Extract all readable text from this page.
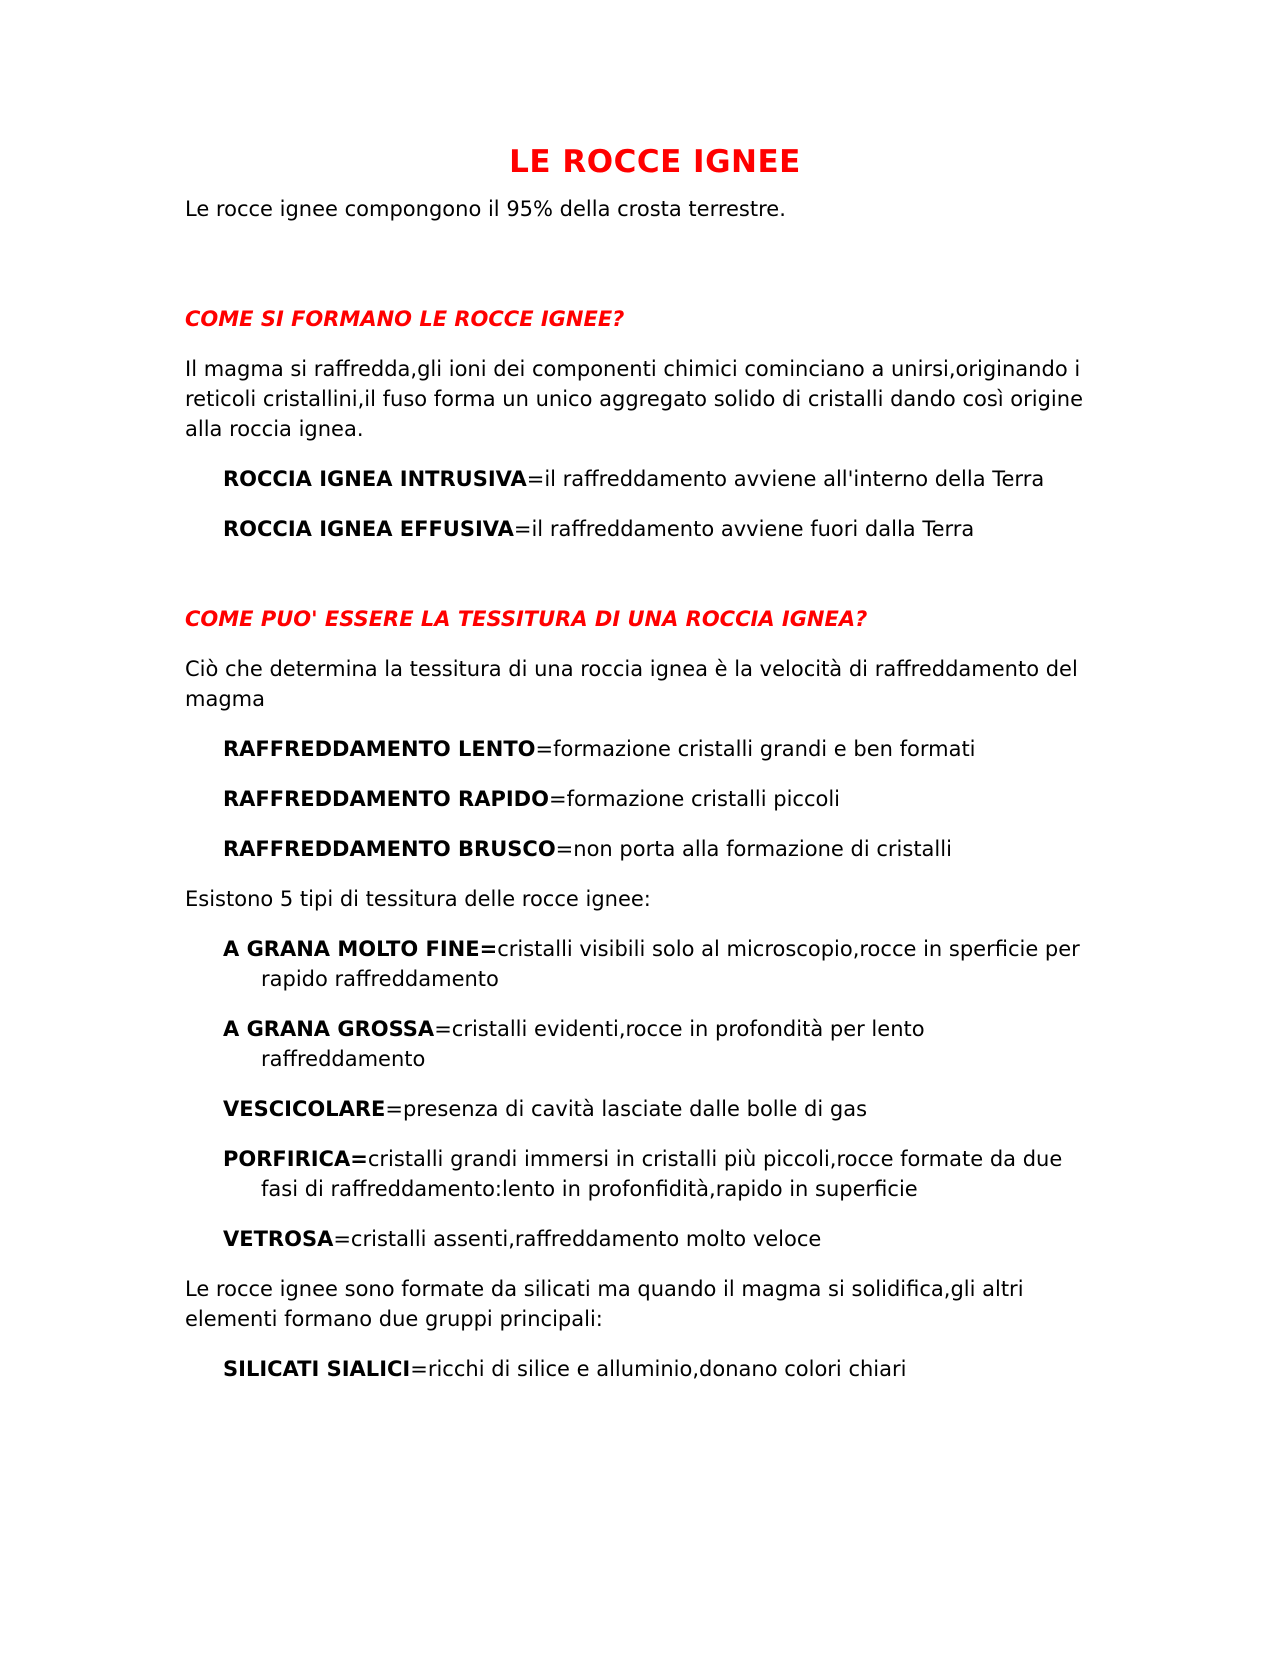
LE ROCCE IGNEE
Le rocce ignee compongono il 95% della crosta terrestre.
COME SI FORMANO LE ROCCE IGNEE?
Il magma si raffredda,gli ioni dei componenti chimici cominciano a unirsi,originando i reticoli cristallini,il fuso forma un unico aggregato solido di cristalli dando così origine alla roccia ignea.
ROCCIA IGNEA INTRUSIVA=il raffreddamento avviene all'interno della Terra
ROCCIA IGNEA EFFUSIVA=il raffreddamento avviene fuori dalla Terra
COME PUO' ESSERE LA TESSITURA DI UNA ROCCIA IGNEA?
Ciò che determina la tessitura di una roccia ignea è la velocità di raffreddamento del magma
RAFFREDDAMENTO LENTO=formazione cristalli grandi e ben formati
RAFFREDDAMENTO RAPIDO=formazione cristalli piccoli
RAFFREDDAMENTO BRUSCO=non porta alla formazione di cristalli
Esistono 5 tipi di tessitura delle rocce ignee:
A GRANA MOLTO FINE=cristalli visibili solo al microscopio,rocce in sperficie per rapido raffreddamento
A GRANA GROSSA=cristalli evidenti,rocce in profondità per lento raffreddamento
VESCICOLARE=presenza di cavità lasciate dalle bolle di gas
PORFIRICA=cristalli grandi immersi in cristalli più piccoli,rocce formate da due fasi di raffreddamento:lento in profonfidità,rapido in superficie
VETROSA=cristalli assenti,raffreddamento molto veloce
Le rocce ignee sono formate da silicati ma quando il magma si solidifica,gli altri elementi formano due gruppi principali:
SILICATI SIALICI=ricchi di silice e alluminio,donano colori chiari
